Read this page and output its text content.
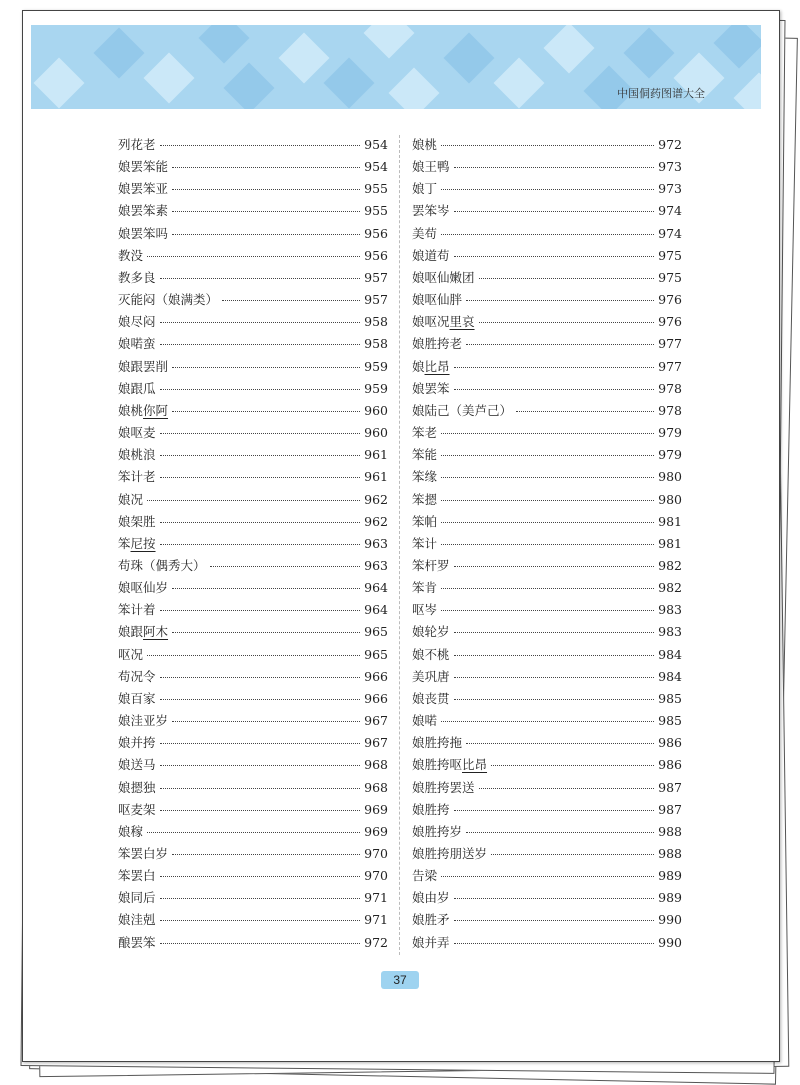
中国侗药图谱大全
列花老	954
娘罢笨能	954
娘罢笨亚	955
娘罢笨素	955
娘罢笨吗	956
教没	956
教多良	957
灭能闷（娘满类）	957
娘尽闷	958
娘喏蛮	958
娘跟罢削	959
娘跟瓜	959
娘桃你阿	960
娘呕麦	960
娘桃浪	961
笨计老	961
娘况	962
娘架胜	962
笨尼按	963
苟珠（偶秀大）	963
娘呕仙岁	964
笨计着	964
娘跟阿木	965
呕况	965
苟况令	966
娘百家	966
娘洼亚岁	967
娘并挎	967
娘送马	968
娘摁独	968
呕麦架	969
娘稼	969
笨罢白岁	970
笨罢白	970
娘同后	971
娘洼剋	971
酿罢笨	972
娘桃	972
娘王鸭	973
娘丁	973
罢笨岑	974
美苟	974
娘道苟	975
娘呕仙嫩团	975
娘呕仙胖	976
娘呕况里哀	976
娘胜挎老	977
娘比昂	977
娘罢笨	978
娘陆己（美芦己）	978
笨老	979
笨能	979
笨缘	980
笨摁	980
笨帕	981
笨计	981
笨杆罗	982
笨肯	982
呕岑	983
娘轮岁	983
娘不桃	984
美巩唐	984
娘丧贯	985
娘喏	985
娘胜挎拖	986
娘胜挎呕比昂	986
娘胜挎罢送	987
娘胜挎	987
娘胜挎岁	988
娘胜挎朋送岁	988
告梁	989
娘由岁	989
娘胜矛	990
娘并弄	990
37
